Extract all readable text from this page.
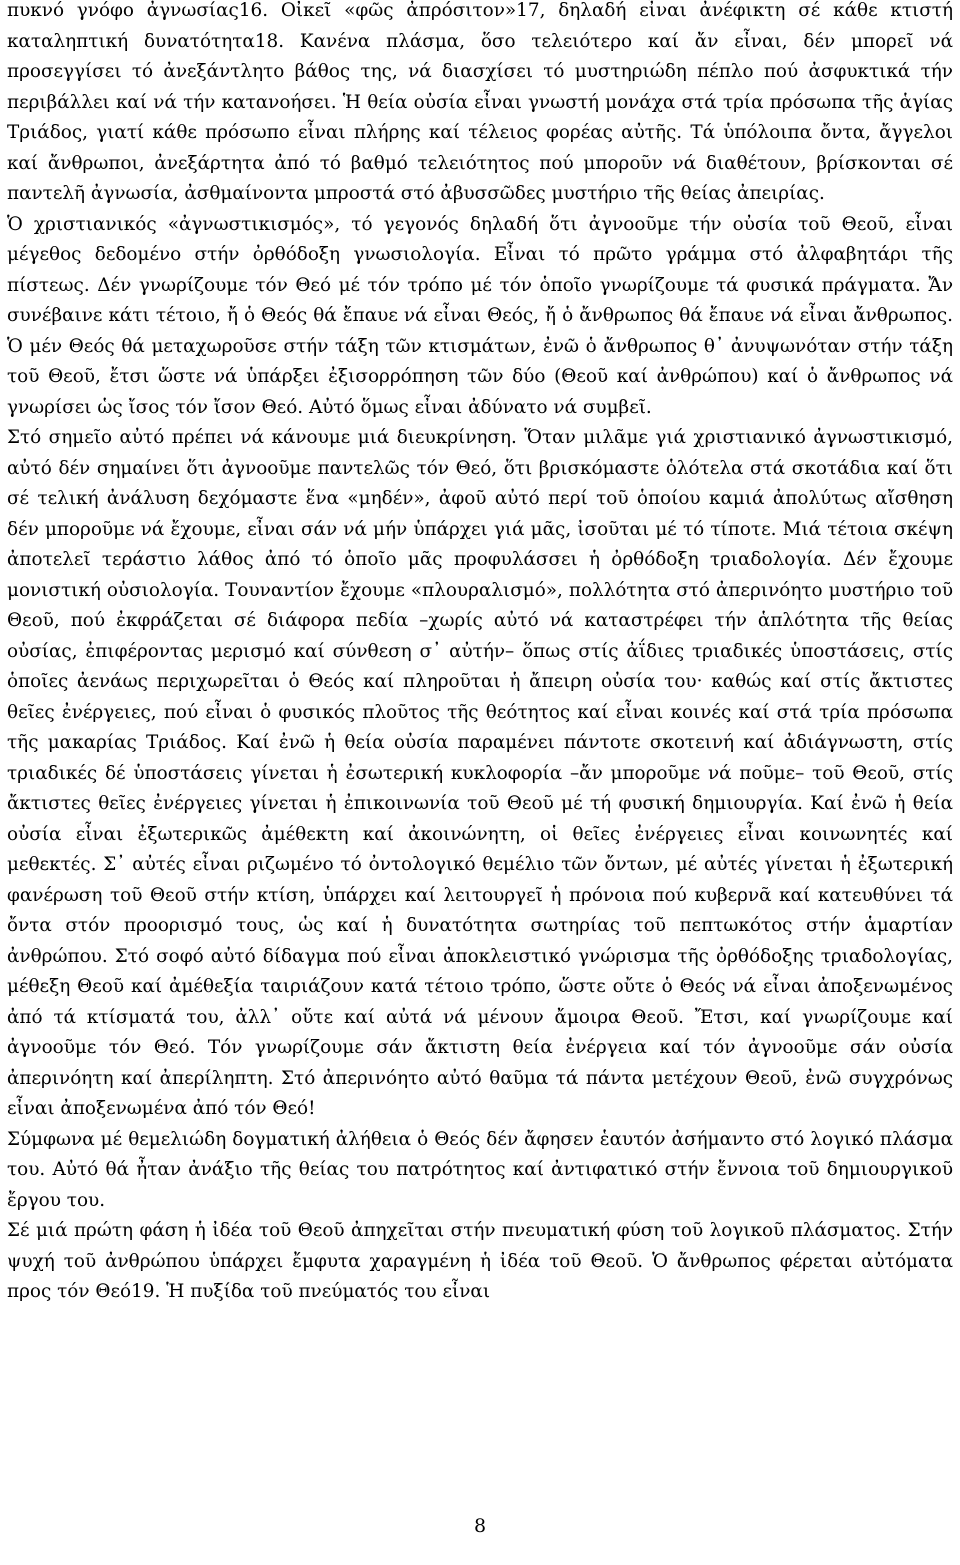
πυκνό γνόφο ἀγνωσίας16. Οἰκεῖ «φῶς ἀπρόσιτον»17, δηλαδή εἶναι ἀνέφικτη σέ κάθε κτιστή καταληπτική δυνατότητα18. Κανένα πλάσμα, ὅσο τελειότερο καί ἄν εἶναι, δέν μπορεῖ νά προσεγγίσει τό ἀνεξάντλητο βάθος της, νά διασχίσει τό μυστηριώδη πέπλο πού ἀσφυκτικά τήν περιβάλλει καί νά τήν κατανοήσει. Ἡ θεία οὐσία εἶναι γνωστή μονάχα στά τρία πρόσωπα τῆς ἁγίας Τριάδος, γιατί κάθε πρόσωπο εἶναι πλήρης καί τέλειος φορέας αὐτῆς. Τά ὑπόλοιπα ὄντα, ἄγγελοι καί ἄνθρωποι, ἀνεξάρτητα ἀπό τό βαθμό τελειότητος πού μποροῦν νά διαθέτουν, βρίσκονται σέ παντελῆ ἀγνωσία, ἀσθμαίνοντα μπροστά στό ἀβυσσῶδες μυστήριο τῆς θείας ἀπειρίας.

Ὁ χριστιανικός «ἀγνωστικισμός», τό γεγονός δηλαδή ὅτι ἀγνοοῦμε τήν οὐσία τοῦ Θεοῦ, εἶναι μέγεθος δεδομένο στήν ὀρθόδοξη γνωσιολογία. Εἶναι τό πρῶτο γράμμα στό ἀλφαβητάρι τῆς πίστεως. Δέν γνωρίζουμε τόν Θεό μέ τόν τρόπο μέ τόν ὁποῖο γνωρίζουμε τά φυσικά πράγματα. Ἄν συνέβαινε κάτι τέτοιο, ἤ ὁ Θεός θά ἔπαυε νά εἶναι Θεός, ἤ ὁ ἄνθρωπος θά ἔπαυε νά εἶναι ἄνθρωπος. Ὁ μέν Θεός θά μεταχωροῦσε στήν τάξη τῶν κτισμάτων, ἐνῶ ὁ ἄνθρωπος θ᾽ ἀνυψωνόταν στήν τάξη τοῦ Θεοῦ, ἔτσι ὥστε νά ὑπάρξει ἐξισορρόπηση τῶν δύο (Θεοῦ καί ἀνθρώπου) καί ὁ ἄνθρωπος νά γνωρίσει ὡς ἴσος τόν ἴσον Θεό. Αὐτό ὅμως εἶναι ἀδύνατο νά συμβεῖ.

Στό σημεῖο αὐτό πρέπει νά κάνουμε μιά διευκρίνηση. Ὅταν μιλᾶμε γιά χριστιανικό ἀγνωστικισμό, αὐτό δέν σημαίνει ὅτι ἀγνοοῦμε παντελῶς τόν Θεό, ὅτι βρισκόμαστε ὁλότελα στά σκοτάδια καί ὅτι σέ τελική ἀνάλυση δεχόμαστε ἕνα «μηδέν», ἀφοῦ αὐτό περί τοῦ ὁποίου καμιά ἀπολύτως αἴσθηση δέν μποροῦμε νά ἔχουμε, εἶναι σάν νά μήν ὑπάρχει γιά μᾶς, ἰσοῦται μέ τό τίποτε. Μιά τέτοια σκέψη ἀποτελεῖ τεράστιο λάθος ἀπό τό ὁποῖο μᾶς προφυλάσσει ἡ ὀρθόδοξη τριαδολογία. Δέν ἔχουμε μονιστική οὐσιολογία. Τουναντίον ἔχουμε «πλουραλισμό», πολλότητα στό ἀπερινόητο μυστήριο τοῦ Θεοῦ, πού ἐκφράζεται σέ διάφορα πεδία –χωρίς αὐτό νά καταστρέφει τήν ἁπλότητα τῆς θείας οὐσίας, ἐπιφέροντας μερισμό καί σύνθεση σ᾽ αὐτήν– ὅπως στίς ἀΐδιες τριαδικές ὑποστάσεις, στίς ὁποῖες ἀενάως περιχωρεῖται ὁ Θεός καί πληροῦται ἡ ἄπειρη οὐσία του· καθώς καί στίς ἄκτιστες θεῖες ἐνέργειες, πού εἶναι ὁ φυσικός πλοῦτος τῆς θεότητος καί εἶναι κοινές καί στά τρία πρόσωπα τῆς μακαρίας Τριάδος. Καί ἐνῶ ἡ θεία οὐσία παραμένει πάντοτε σκοτεινή καί ἀδιάγνωστη, στίς τριαδικές δέ ὑποστάσεις γίνεται ἡ ἐσωτερική κυκλοφορία –ἄν μποροῦμε νά ποῦμε– τοῦ Θεοῦ, στίς ἄκτιστες θεῖες ἐνέργειες γίνεται ἡ ἐπικοινωνία τοῦ Θεοῦ μέ τή φυσική δημιουργία. Καί ἐνῶ ἡ θεία οὐσία εἶναι ἐξωτερικῶς ἀμέθεκτη καί ἀκοινώνητη, οἱ θεῖες ἐνέργειες εἶναι κοινωνητές καί μεθεκτές. Σ᾽ αὐτές εἶναι ριζωμένο τό ὀντολογικό θεμέλιο τῶν ὄντων, μέ αὐτές γίνεται ἡ ἐξωτερική φανέρωση τοῦ Θεοῦ στήν κτίση, ὑπάρχει καί λειτουργεῖ ἡ πρόνοια πού κυβερνᾶ καί κατευθύνει τά ὄντα στόν προορισμό τους, ὡς καί ἡ δυνατότητα σωτηρίας τοῦ πεπτωκότος στήν ἁμαρτίαν ἀνθρώπου. Στό σοφό αὐτό δίδαγμα πού εἶναι ἀποκλειστικό γνώρισμα τῆς ὀρθόδοξης τριαδολογίας, μέθεξη Θεοῦ καί ἀμέθεξία ταιριάζουν κατά τέτοιο τρόπο, ὥστε οὔτε ὁ Θεός νά εἶναι ἀποξενωμένος ἀπό τά κτίσματά του, ἀλλ᾽ οὔτε καί αὐτά νά μένουν ἄμοιρα Θεοῦ. Ἔτσι, καί γνωρίζουμε καί ἀγνοοῦμε τόν Θεό. Τόν γνωρίζουμε σάν ἄκτιστη θεία ἐνέργεια καί τόν ἀγνοοῦμε σάν οὐσία ἀπερινόητη καί ἀπερίληπτη. Στό ἀπερινόητο αὐτό θαῦμα τά πάντα μετέχουν Θεοῦ, ἐνῶ συγχρόνως εἶναι ἀποξενωμένα ἀπό τόν Θεό!

Σύμφωνα μέ θεμελιώδη δογματική ἀλήθεια ὁ Θεός δέν ἄφησεν ἑαυτόν ἀσήμαντο στό λογικό πλάσμα του. Αὐτό θά ἦταν ἀνάξιο τῆς θείας του πατρότητος καί ἀντιφατικό στήν ἔννοια τοῦ δημιουργικοῦ ἔργου του.

Σέ μιά πρώτη φάση ἡ ἰδέα τοῦ Θεοῦ ἀπηχεῖται στήν πνευματική φύση τοῦ λογικοῦ πλάσματος. Στήν ψυχή τοῦ ἀνθρώπου ὑπάρχει ἔμφυτα χαραγμένη ἡ ἰδέα τοῦ Θεοῦ. Ὁ ἄνθρωπος φέρεται αὐτόματα προς τόν Θεό19. Ἡ πυξίδα τοῦ πνεύματός του εἶναι

8
